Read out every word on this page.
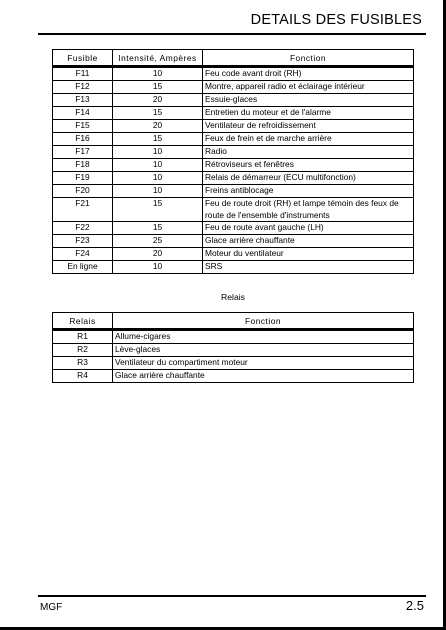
DETAILS DES FUSIBLES
Fusible	Intensité, Ampères	Fonction
F11	10	Feu code avant droit (RH)
F12	15	Montre, appareil radio et éclairage intérieur
F13	20	Essuie-glaces
F14	15	Entretien du moteur et de l'alarme
F15	20	Ventilateur de refroidissement
F16	15	Feux de frein et de marche arrière
F17	10	Radio
F18	10	Rétroviseurs et fenêtres
F19	10	Relais de démarreur (ECU multifonction)
F20	10	Freins antiblocage
F21	15	Feu de route droit (RH) et lampe témoin des feux de route de l'ensemble d'instruments
F22	15	Feu de route avant gauche (LH)
F23	25	Glace arrière chauffante
F24	20	Moteur du ventilateur
En ligne	10	SRS
Relais
Relais	Fonction
R1	Allume-cigares
R2	Lève-glaces
R3	Ventilateur du compartiment moteur
R4	Glace arrière chauffante
MGF	2.5
